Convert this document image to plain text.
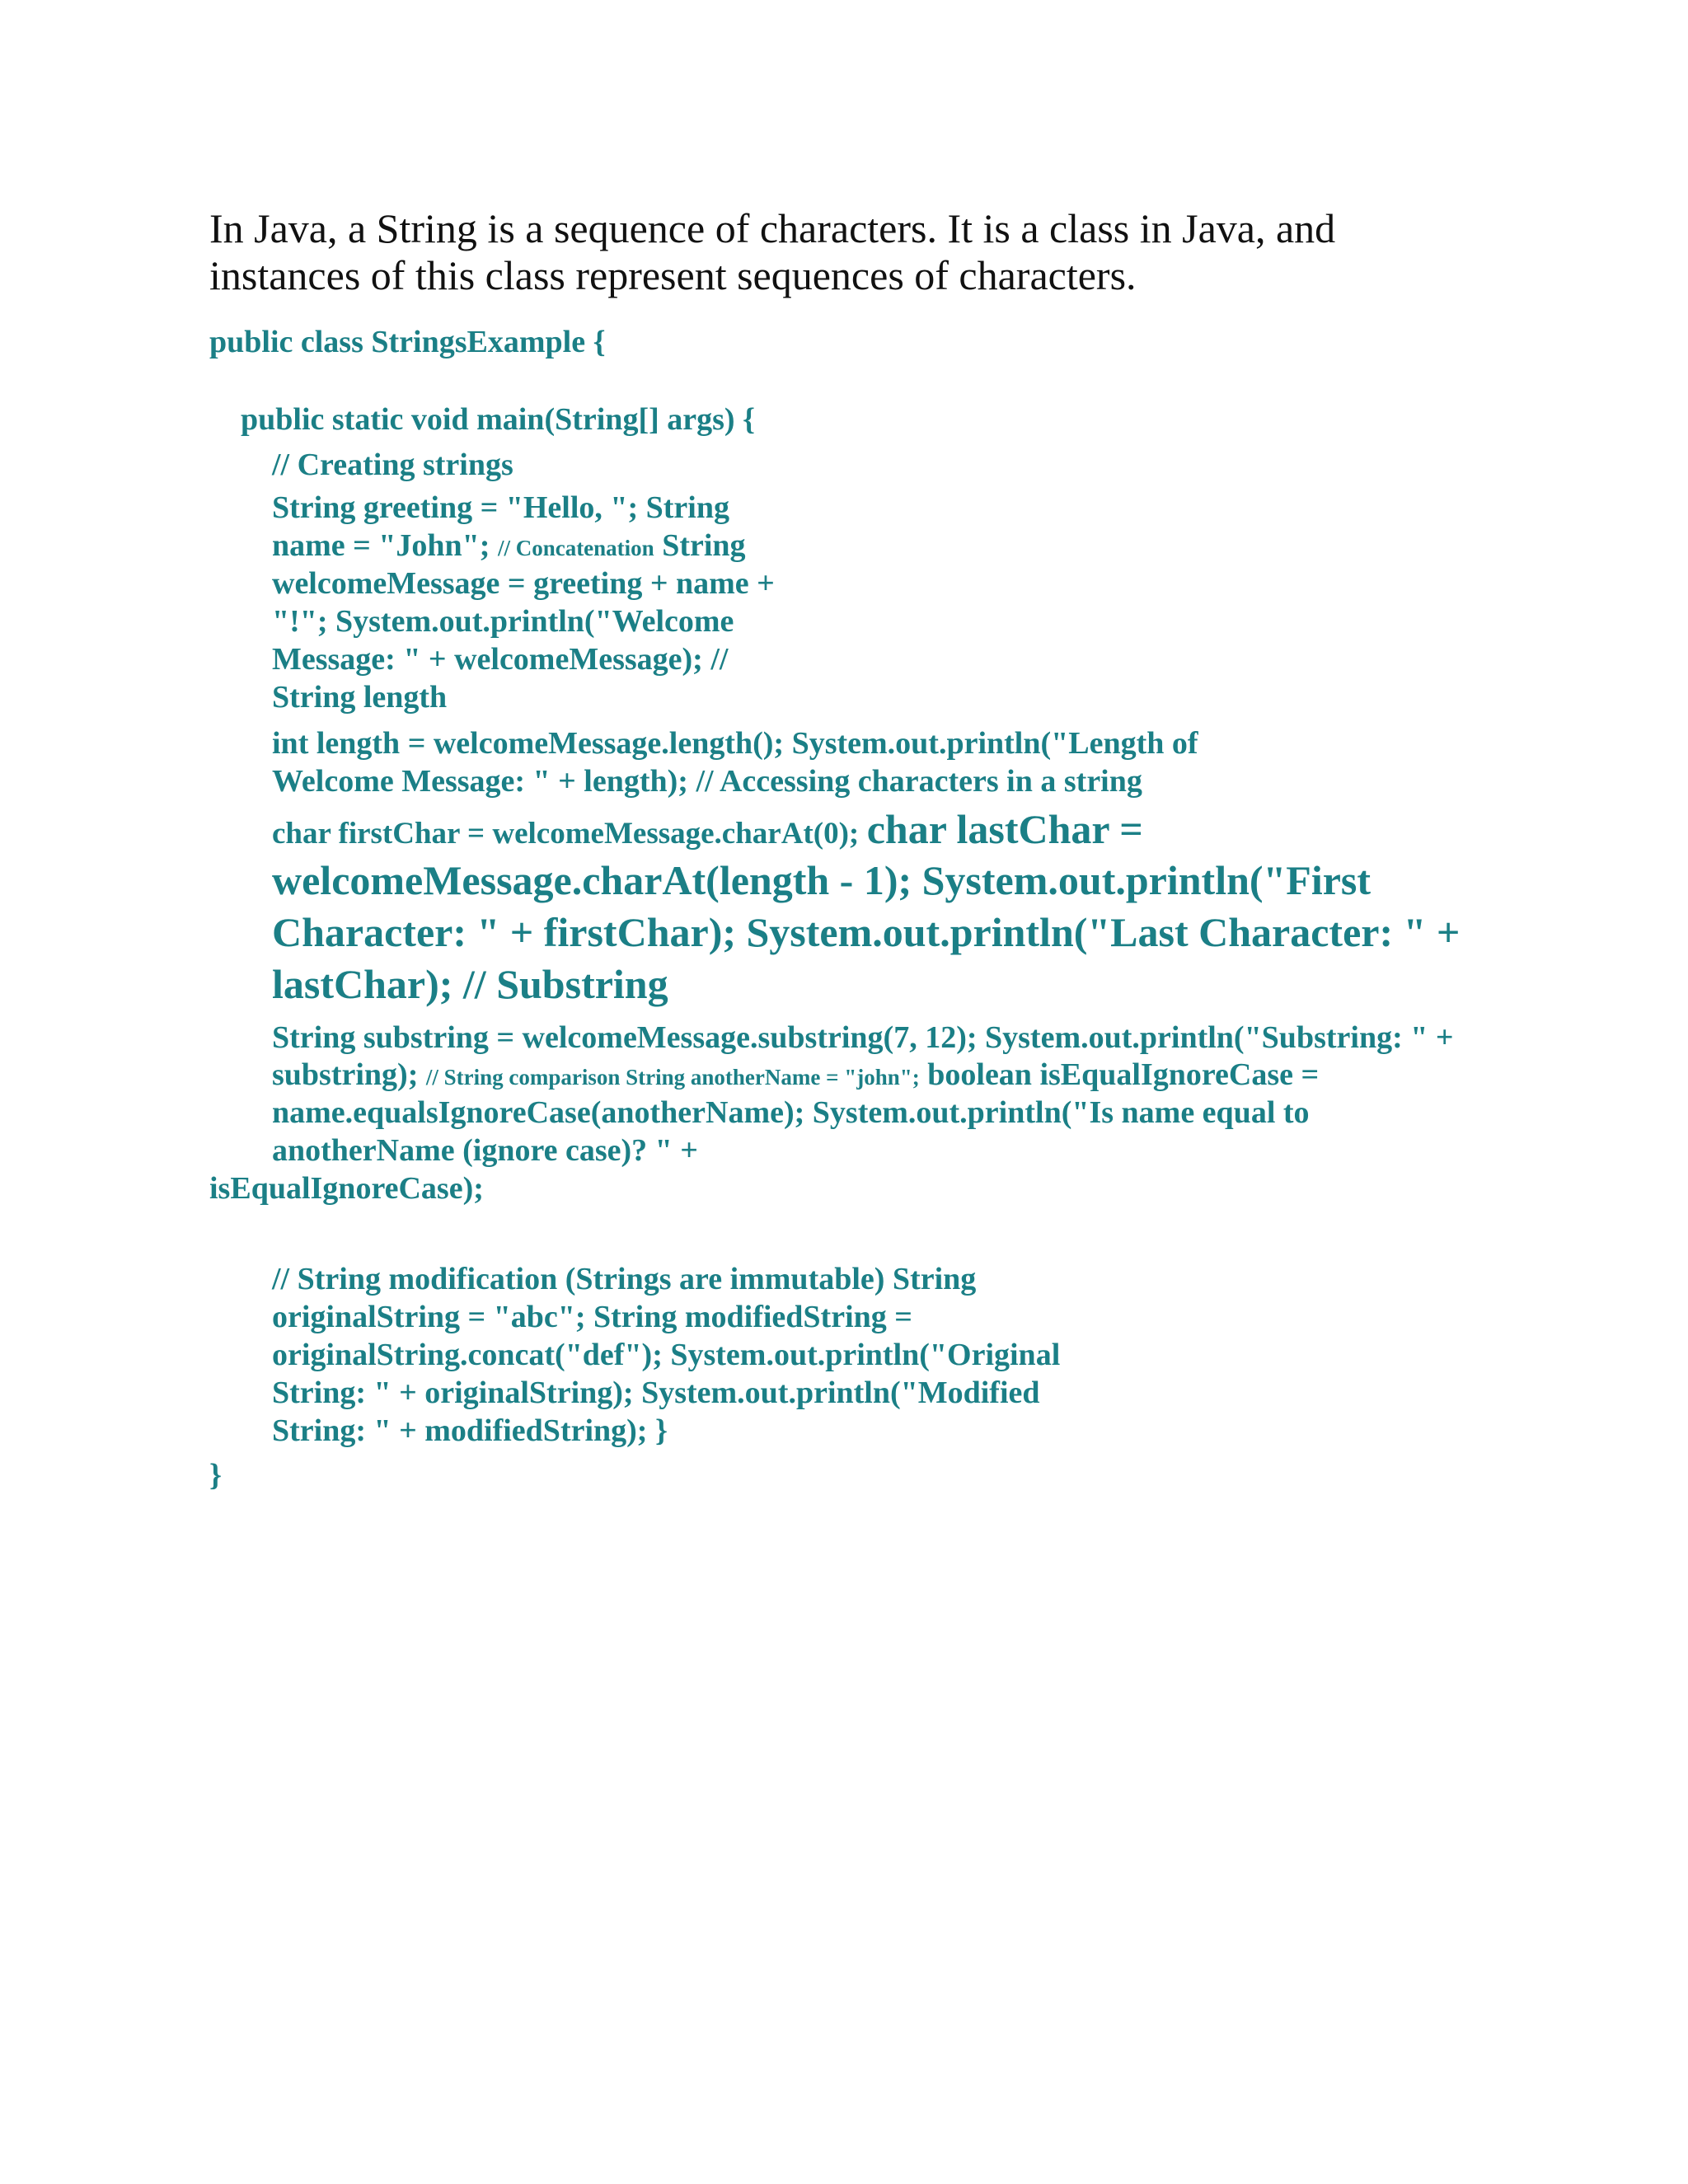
In Java, a String is a sequence of characters. It is a class in Java, and
instances of this class represent sequences of characters.
public class StringsExample {
public static void main(String[] args) {
// Creating strings
String greeting = "Hello, "; String
name = "John"; // Concatenation String
welcomeMessage = greeting + name +
"!"; System.out.println("Welcome
Message: " + welcomeMessage); //
String length
int length = welcomeMessage.length(); System.out.println("Length of
Welcome Message: " + length); // Accessing characters in a string
char firstChar = welcomeMessage.charAt(0); char lastChar =
welcomeMessage.charAt(length - 1); System.out.println("First
Character: " + firstChar); System.out.println("Last Character: " +
lastChar); // Substring
String substring = welcomeMessage.substring(7, 12); System.out.println("Substring: " +
substring); // String comparison String anotherName = "john"; boolean isEqualIgnoreCase =
name.equalsIgnoreCase(anotherName); System.out.println("Is name equal to
anotherName (ignore case)? " +
isEqualIgnoreCase);
// String modification (Strings are immutable) String
originalString = "abc"; String modifiedString =
originalString.concat("def"); System.out.println("Original
String: " + originalString); System.out.println("Modified
String: " + modifiedString); }
}
